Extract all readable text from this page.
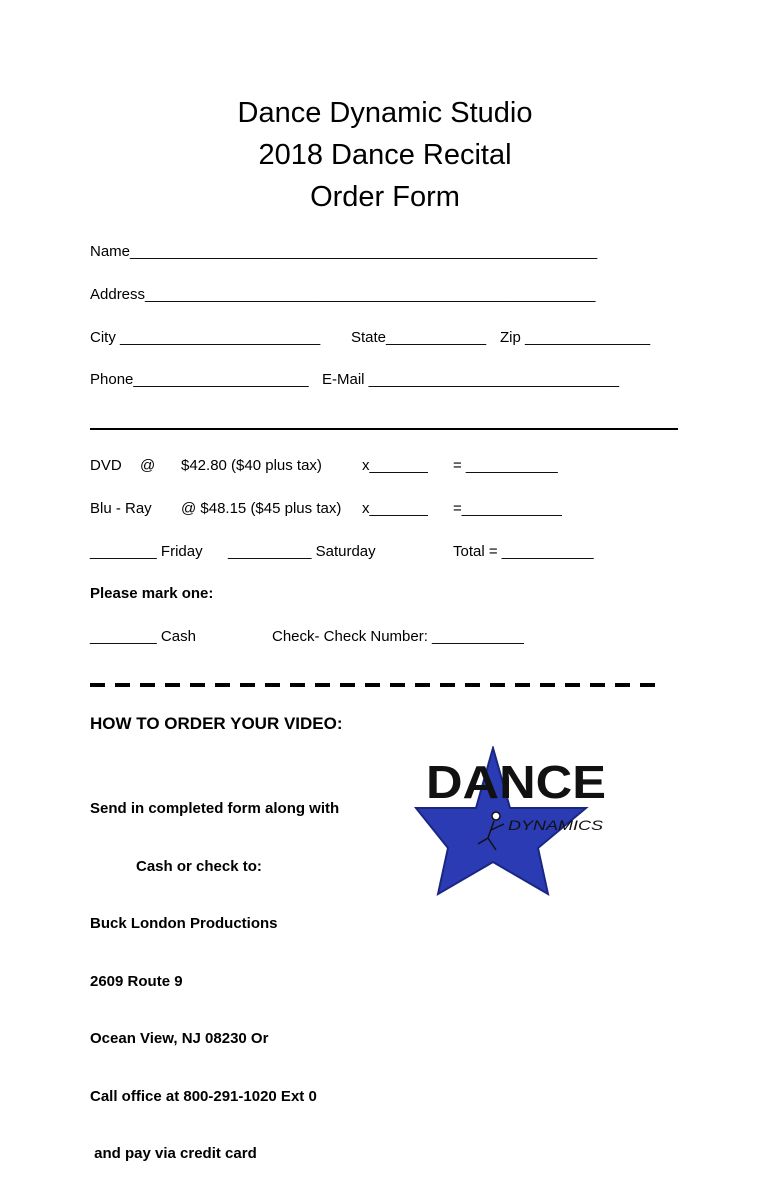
Dance Dynamic Studio
2018 Dance Recital
Order Form
Name________________________________________________________
Address______________________________________________________
City ________________________ State____________ Zip _______________
Phone_____________________ E-Mail ______________________________
DVD @ $42.80 ($40 plus tax)	x_______ = ___________
Blu - Ray @ $48.15 ($45 plus tax) x_______ =____________
________ Friday __________ Saturday	Total = ___________
Please mark one:
________ Cash	Check- Check Number: ___________
HOW TO ORDER YOUR VIDEO:

Send in completed form along with

Cash or check to:

Buck London Productions

2609 Route 9

Ocean View, NJ 08230 Or

Call office at 800-291-1020 Ext 0

and pay via credit card

DANCE
DYNAMICS
